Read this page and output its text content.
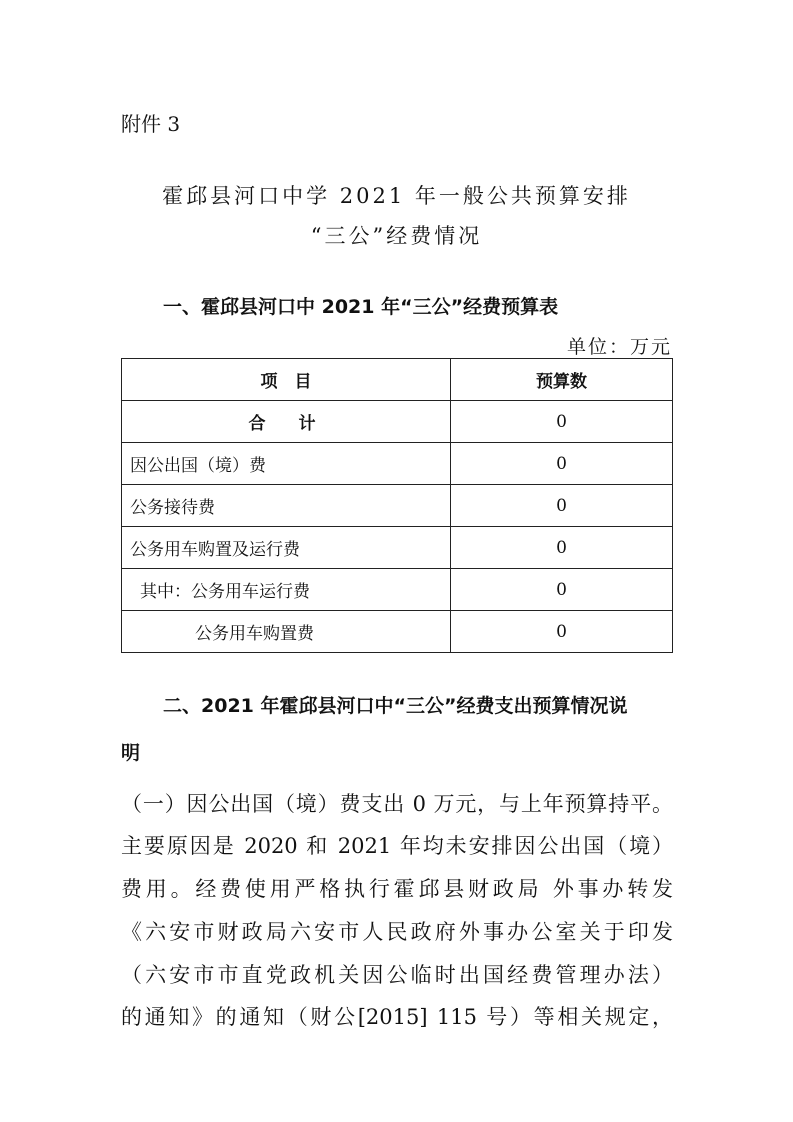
附件 3
霍邱县河口中学 2021 年一般公共预算安排
“三公”经费情况
一、霍邱县河口中 2021 年“三公”经费预算表
单位：万元
项　目	预算数
合　计	0
因公出国（境）费	0
公务接待费	0
公务用车购置及运行费	0
其中：公务用车运行费	0
公务用车购置费	0
二、2021 年霍邱县河口中“三公”经费支出预算情况说
明
（一）因公出国（境）费支出 0 万元，与上年预算持平。
主要原因是 2020 和 2021 年均未安排因公出国（境）
费用。经费使用严格执行霍邱县财政局 外事办转发
《六安市财政局六安市人民政府外事办公室关于印发
（六安市市直党政机关因公临时出国经费管理办法）
的通知》的通知（财公[2015] 115 号）等相关规定，
